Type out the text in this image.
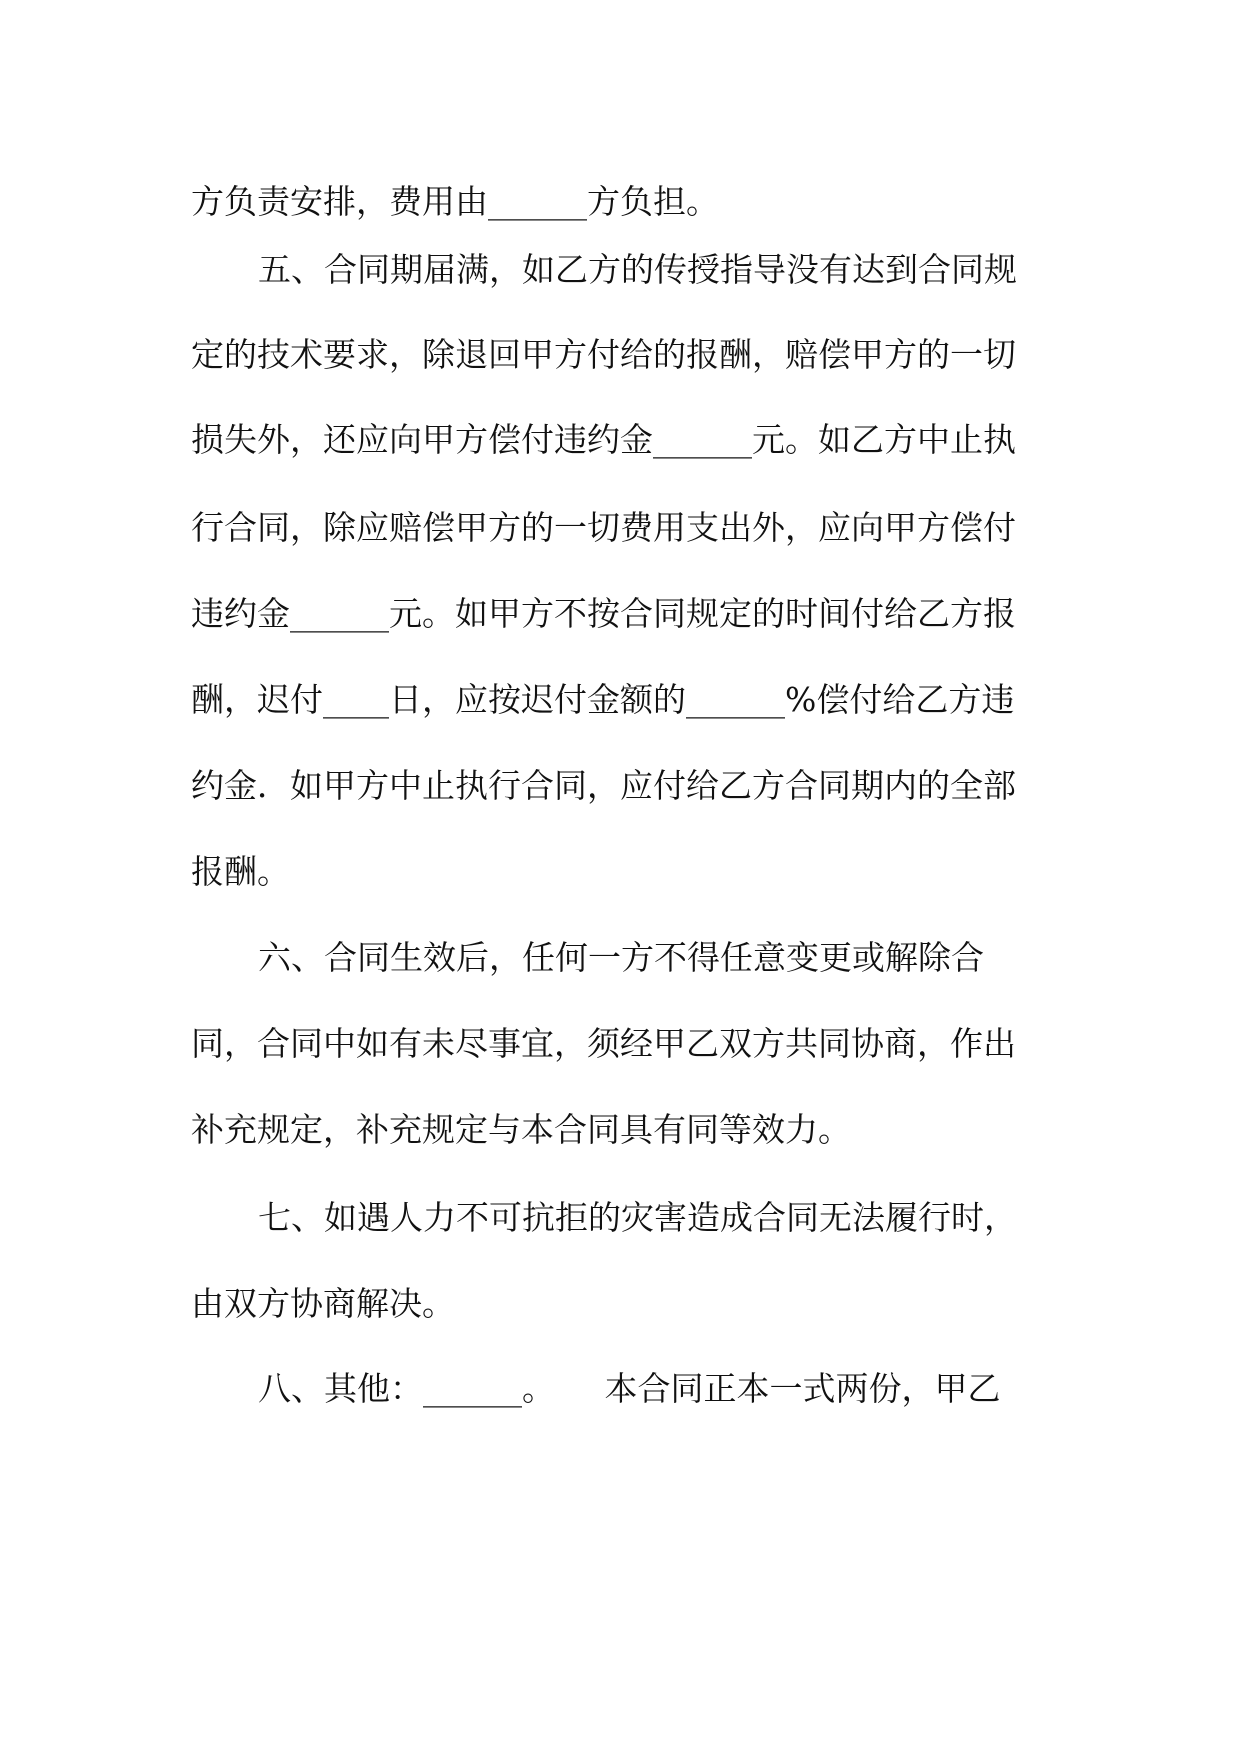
方负责安排，费用由______方负担。

五、合同期届满，如乙方的传授指导没有达到合同规

定的技术要求，除退回甲方付给的报酬，赔偿甲方的一切

损失外，还应向甲方偿付违约金______元。如乙方中止执

行合同，除应赔偿甲方的一切费用支出外，应向甲方偿付

违约金______元。如甲方不按合同规定的时间付给乙方报

酬，迟付____日，应按迟付金额的______%偿付给乙方违

约金．如甲方中止执行合同，应付给乙方合同期内的全部

报酬。

六、合同生效后，任何一方不得任意变更或解除合

同，合同中如有未尽事宜，须经甲乙双方共同协商，作出

补充规定，补充规定与本合同具有同等效力。

七、如遇人力不可抗拒的灾害造成合同无法履行时，

由双方协商解决。

八、其他：______。　　本合同正本一式两份，甲乙
